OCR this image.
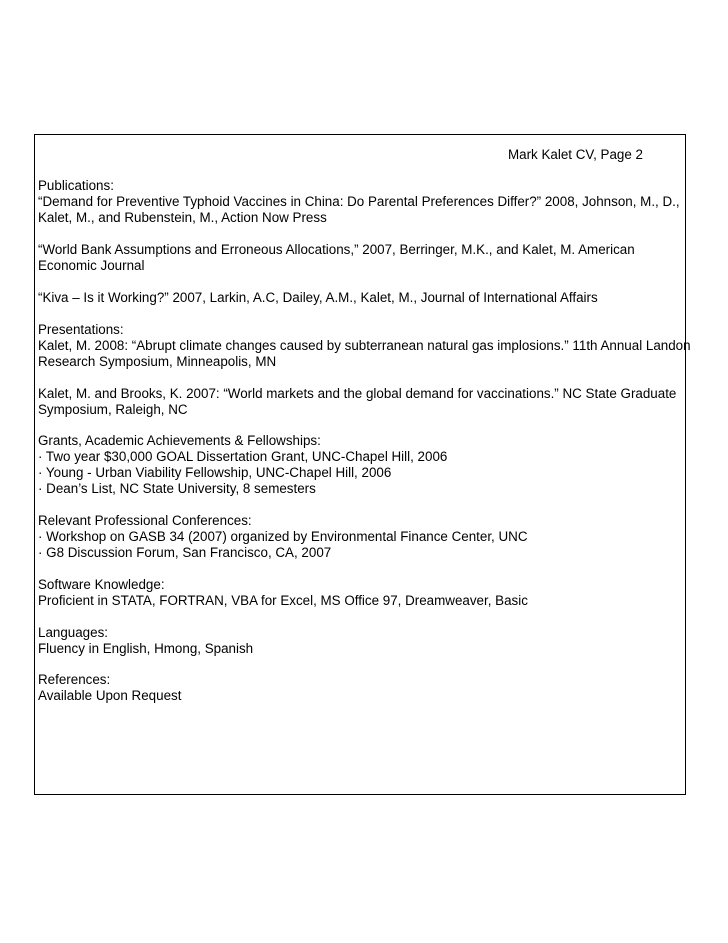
Mark Kalet CV, Page 2
Publications:
“Demand for Preventive Typhoid Vaccines in China: Do Parental Preferences Differ?” 2008, Johnson, M., D.,
Kalet, M., and Rubenstein, M., Action Now Press
“World Bank Assumptions and Erroneous Allocations,” 2007, Berringer, M.K., and Kalet, M. American
Economic Journal
“Kiva – Is it Working?” 2007, Larkin, A.C, Dailey, A.M., Kalet, M., Journal of International Affairs
Presentations:
Kalet, M. 2008: “Abrupt climate changes caused by subterranean natural gas implosions.” 11th Annual Landon
Research Symposium, Minneapolis, MN
Kalet, M. and Brooks, K. 2007: “World markets and the global demand for vaccinations.” NC State Graduate
Symposium, Raleigh, NC
Grants, Academic Achievements & Fellowships:
· Two year $30,000 GOAL Dissertation Grant, UNC-Chapel Hill, 2006
· Young - Urban Viability Fellowship, UNC-Chapel Hill, 2006
· Dean’s List, NC State University, 8 semesters
Relevant Professional Conferences:
· Workshop on GASB 34 (2007) organized by Environmental Finance Center, UNC
· G8 Discussion Forum, San Francisco, CA, 2007
Software Knowledge:
Proficient in STATA, FORTRAN, VBA for Excel, MS Office 97, Dreamweaver, Basic
Languages:
Fluency in English, Hmong, Spanish
References:
Available Upon Request
